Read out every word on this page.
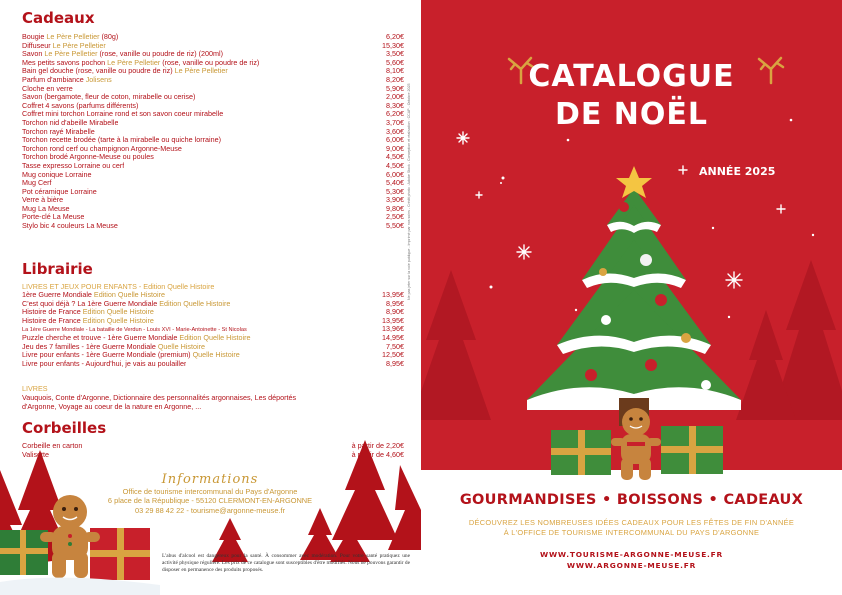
Cadeaux
Bougie Le Père Pelletier (80g)	6,20€
Diffuseur Le Père Pelletier	15,30€
Savon Le Père Pelletier (rose, vanille ou poudre de riz) (200ml)	3,50€
Mes petits savons pochon Le Père Pelletier (rose, vanille ou poudre de riz)	5,60€
Bain gel douche (rose, vanille ou poudre de riz) Le Père Pelletier	8,10€
Parfum d'ambiance Jolisens	8,20€
Cloche en verre	5,90€
Savon (bergamote, fleur de coton, mirabelle ou cerise)	2,00€
Coffret 4 savons (parfums différents)	8,30€
Coffret mini torchon Lorraine rond et son savon coeur mirabelle	6,20€
Torchon nid d'abeille Mirabelle	3,70€
Torchon rayé Mirabelle	3,60€
Torchon recette brodée (tarte à la mirabelle ou quiche lorraine)	6,00€
Torchon rond cerf ou champignon Argonne-Meuse	9,00€
Torchon brodé Argonne-Meuse ou poules	4,50€
Tasse expresso Lorraine ou cerf	4,50€
Mug conique Lorraine	6,00€
Mug Cerf	5,40€
Pot céramique Lorraine	5,30€
Verre à bière	3,90€
Mug La Meuse	9,80€
Porte-clé La Meuse	2,50€
Stylo bic 4 couleurs La Meuse	5,50€
Librairie
LIVRES ET JEUX POUR ENFANTS - Edition Quelle Histoire
1ère Guerre Mondiale Edition Quelle Histoire	13,95€
C'est quoi déjà ? La 1ère Guerre Mondiale Edition Quelle Histoire	8,95€
Histoire de France Edition Quelle Histoire	8,90€
Histoire de France Edition Quelle Histoire	13,95€
La 1ère Guerre Mondiale - La bataille de Verdun - Louis XVI - Marie-Antoinette - St Nicolas	13,96€
Puzzle cherche et trouve - 1ère Guerre Mondiale Edition Quelle Histoire	14,95€
Jeu des 7 familles - 1ère Guerre Mondiale Quelle Histoire	7,50€
Livre pour enfants - 1ère Guerre Mondiale (premium) Quelle Histoire	12,50€
Livre pour enfants - Aujourd'hui, je vais au poulailler	8,95€
LIVRES
Vauquois, Conte d'Argonne, Dictionnaire des personnalités argonnaises, Les déportés
d'Argonne, Voyage au coeur de la nature en Argonne, ...
Corbeilles
Corbeille en carton	à partir de 2,20€
Valisette	à partir de 4,60€
Informations
Office de tourisme intercommunal du Pays d'Argonne
6 place de la République - 55120 CLERMONT-EN-ARGONNE
03 29 88 42 22 - tourisme@argonne-meuse.fr
L'abus d'alcool est dangereux pour la santé. À consommer avec modération. Pour votre santé pratiquez une activité physique régulière. Les prix de ce catalogue sont susceptibles d'être modifiés. Nous ne pouvons garantir de disposer en permanence des produits proposés.
Ne pas jeter sur la voie publique - Imprimé par nos soins - Crédit photo : Adobe Stock - Conception et réalisation : CCAP - Octobre 2025
CATALOGUE
DE NOËL
ANNÉE 2025
GOURMANDISES • BOISSONS • CADEAUX
DÉCOUVREZ LES NOMBREUSES IDÉES CADEAUX POUR LES FÊTES DE FIN D'ANNÉE
À L'OFFICE DE TOURISME INTERCOMMUNAL DU PAYS D'ARGONNE
WWW.TOURISME-ARGONNE-MEUSE.FR
WWW.ARGONNE-MEUSE.FR
